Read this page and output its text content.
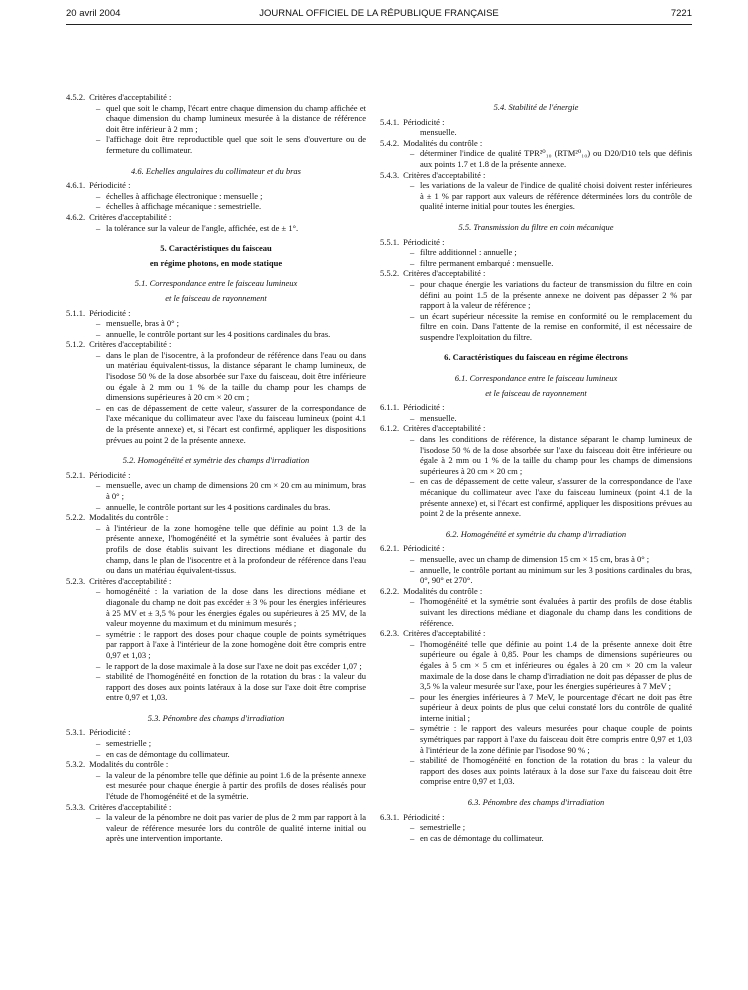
20 avril 2004	JOURNAL OFFICIEL DE LA RÉPUBLIQUE FRANÇAISE	7221
4.5.2. Critères d'acceptabilité :
– quel que soit le champ, l'écart entre chaque dimension du champ affichée et chaque dimension du champ lumineux mesurée à la distance de référence doit être inférieur à 2 mm ;
– l'affichage doit être reproductible quel que soit le sens d'ouverture ou de fermeture du collimateur.
4.6. Echelles angulaires du collimateur et du bras
4.6.1. Périodicité :
– échelles à affichage électronique : mensuelle ;
– échelles à affichage mécanique : semestrielle.
4.6.2. Critères d'acceptabilité :
– la tolérance sur la valeur de l'angle, affichée, est de ± 1°.
5. Caractéristiques du faisceau
en régime photons, en mode statique
5.1. Correspondance entre le faisceau lumineux
et le faisceau de rayonnement
5.1.1. Périodicité :
– mensuelle, bras à 0° ;
– annuelle, le contrôle portant sur les 4 positions cardinales du bras.
5.1.2. Critères d'acceptabilité :
– dans le plan de l'isocentre, à la profondeur de référence dans l'eau ou dans un matériau équivalent-tissus, la distance séparant le champ lumineux, de l'isodose 50 % de la dose absorbée sur l'axe du faisceau, doit être inférieure ou égale à 2 mm ou 1 % de la taille du champ pour les champs de dimensions supérieures à 20 cm × 20 cm ;
– en cas de dépassement de cette valeur, s'assurer de la correspondance de l'axe mécanique du collimateur avec l'axe du faisceau lumineux (point 4.1 de la présente annexe) et, si l'écart est confirmé, appliquer les dispositions prévues au point 2 de la présente annexe.
5.2. Homogénéité et symétrie des champs d'irradiation
5.2.1. Périodicité :
– mensuelle, avec un champ de dimensions 20 cm × 20 cm au minimum, bras à 0° ;
– annuelle, le contrôle portant sur les 4 positions cardinales du bras.
5.2.2. Modalités du contrôle :
– à l'intérieur de la zone homogène telle que définie au point 1.3 de la présente annexe, l'homogénéité et la symétrie sont évaluées à partir des profils de dose établis suivant les directions médiane et diagonale du champ, dans le plan de l'isocentre et à la profondeur de référence dans l'eau ou dans un matériau équivalent-tissus.
5.2.3. Critères d'acceptabilité :
– homogénéité : la variation de la dose dans les directions médiane et diagonale du champ ne doit pas excéder ± 3 % pour les énergies inférieures à 25 MV et ± 3,5 % pour les énergies égales ou supérieures à 25 MV, de la valeur moyenne du maximum et du minimum mesurés ;
– symétrie : le rapport des doses pour chaque couple de points symétriques par rapport à l'axe à l'intérieur de la zone homogène doit être compris entre 0,97 et 1,03 ;
– le rapport de la dose maximale à la dose sur l'axe ne doit pas excéder 1,07 ;
– stabilité de l'homogénéité en fonction de la rotation du bras : la valeur du rapport des doses aux points latéraux à la dose sur l'axe doit être comprise entre 0,97 et 1,03.
5.3. Pénombre des champs d'irradiation
5.3.1. Périodicité :
– semestrielle ;
– en cas de démontage du collimateur.
5.3.2. Modalités du contrôle :
– la valeur de la pénombre telle que définie au point 1.6 de la présente annexe est mesurée pour chaque énergie à partir des profils de doses réalisés pour l'étude de l'homogénéité et de la symétrie.
5.3.3. Critères d'acceptabilité :
– la valeur de la pénombre ne doit pas varier de plus de 2 mm par rapport à la valeur de référence mesurée lors du contrôle de qualité interne initial ou après une intervention importante.
5.4. Stabilité de l'énergie
5.4.1. Périodicité :
mensuelle.
5.4.2. Modalités du contrôle :
– déterminer l'indice de qualité TPR²⁰₁₀ (RTM²⁰₁₀) ou D20/D10 tels que définis aux points 1.7 et 1.8 de la présente annexe.
5.4.3. Critères d'acceptabilité :
– les variations de la valeur de l'indice de qualité choisi doivent rester inférieures à ± 1 % par rapport aux valeurs de référence déterminées lors du contrôle de qualité interne initial pour toutes les énergies.
5.5. Transmission du filtre en coin mécanique
5.5.1. Périodicité :
– filtre additionnel : annuelle ;
– filtre permanent embarqué : mensuelle.
5.5.2. Critères d'acceptabilité :
– pour chaque énergie les variations du facteur de transmission du filtre en coin défini au point 1.5 de la présente annexe ne doivent pas dépasser 2 % par rapport à la valeur de référence ;
– un écart supérieur nécessite la remise en conformité ou le remplacement du filtre en coin. Dans l'attente de la remise en conformité, il est nécessaire de suspendre l'exploitation du filtre.
6. Caractéristiques du faisceau en régime électrons
6.1. Correspondance entre le faisceau lumineux
et le faisceau de rayonnement
6.1.1. Périodicité :
– mensuelle.
6.1.2. Critères d'acceptabilité :
– dans les conditions de référence, la distance séparant le champ lumineux de l'isodose 50 % de la dose absorbée sur l'axe du faisceau doit être inférieure ou égale à 2 mm ou 1 % de la taille du champ pour les champs de dimensions supérieures à 20 cm × 20 cm ;
– en cas de dépassement de cette valeur, s'assurer de la correspondance de l'axe mécanique du collimateur avec l'axe du faisceau lumineux (point 4.1 de la présente annexe) et, si l'écart est confirmé, appliquer les dispositions prévues au point 2 de la présente annexe.
6.2. Homogénéité et symétrie du champ d'irradiation
6.2.1. Périodicité :
– mensuelle, avec un champ de dimension 15 cm × 15 cm, bras à 0° ;
– annuelle, le contrôle portant au minimum sur les 3 positions cardinales du bras, 0°, 90° et 270°.
6.2.2. Modalités du contrôle :
– l'homogénéité et la symétrie sont évaluées à partir des profils de dose établis suivant les directions médiane et diagonale du champ dans les conditions de référence.
6.2.3. Critères d'acceptabilité :
– l'homogénéité telle que définie au point 1.4 de la présente annexe doit être supérieure ou égale à 0,85. Pour les champs de dimensions supérieures ou égales à 5 cm × 5 cm et inférieures ou égales à 20 cm × 20 cm la valeur maximale de la dose dans le champ d'irradiation ne doit pas dépasser de plus de 3,5 % la valeur mesurée sur l'axe, pour les énergies supérieures à 7 MeV ;
– pour les énergies inférieures à 7 MeV, le pourcentage d'écart ne doit pas être supérieur à deux points de plus que celui constaté lors du contrôle de qualité interne initial ;
– symétrie : le rapport des valeurs mesurées pour chaque couple de points symétriques par rapport à l'axe du faisceau doit être compris entre 0,97 et 1,03 à l'intérieur de la zone définie par l'isodose 90 % ;
– stabilité de l'homogénéité en fonction de la rotation du bras : la valeur du rapport des doses aux points latéraux à la dose sur l'axe du faisceau doit être comprise entre 0,97 et 1,03.
6.3. Pénombre des champs d'irradiation
6.3.1. Périodicité :
– semestrielle ;
– en cas de démontage du collimateur.
